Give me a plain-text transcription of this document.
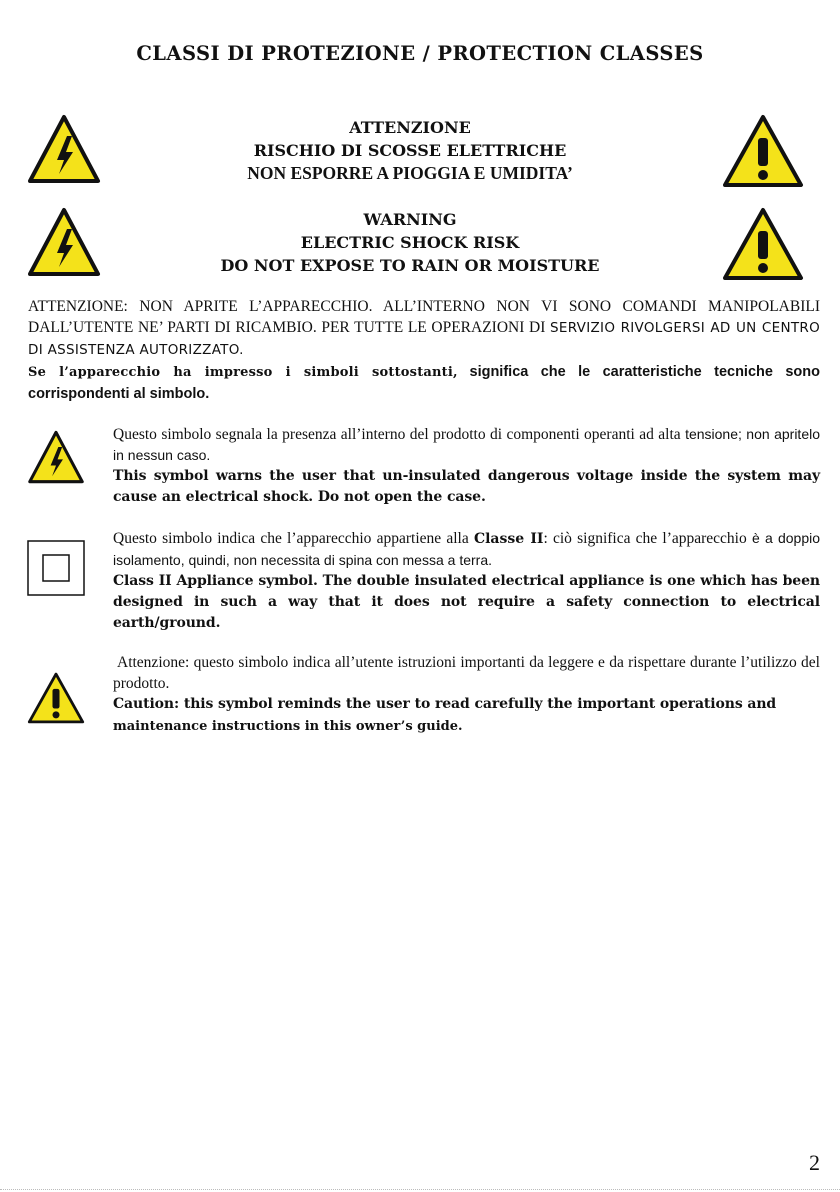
CLASSI DI PROTEZIONE / PROTECTION CLASSES
ATTENZIONE
RISCHIO DI SCOSSE ELETTRICHE
NON ESPORRE A PIOGGIA E UMIDITA’
WARNING
ELECTRIC SHOCK RISK
DO NOT EXPOSE TO RAIN OR MOISTURE
ATTENZIONE: NON APRITE L’APPARECCHIO. ALL’INTERNO NON VI SONO COMANDI MANIPOLABILI DALL’UTENTE NE’ PARTI DI RICAMBIO. PER TUTTE LE OPERAZIONI DI SERVIZIO RIVOLGERSI AD UN CENTRO DI ASSISTENZA AUTORIZZATO.
Se l’apparecchio ha impresso i simboli sottostanti, significa che le caratteristiche tecniche sono corrispondenti al simbolo.
Questo simbolo segnala la presenza all’interno del prodotto di componenti operanti ad alta tensione; non apritelo in nessun caso.
This symbol warns the user that un-insulated dangerous voltage inside the system may cause an electrical shock. Do not open the case.
Questo simbolo indica che l’apparecchio appartiene alla Classe II: ciò significa che l’apparecchio è a doppio isolamento, quindi, non necessita di spina con messa a terra.
Class II Appliance symbol. The double insulated electrical appliance is one which has been designed in such a way that it does not require a safety connection to electrical earth/ground.
Attenzione: questo simbolo indica all’utente istruzioni importanti da leggere e da rispettare durante l’utilizzo del prodotto.
Caution: this symbol reminds the user to read carefully the important operations and
maintenance instructions in this owner’s guide.
2
